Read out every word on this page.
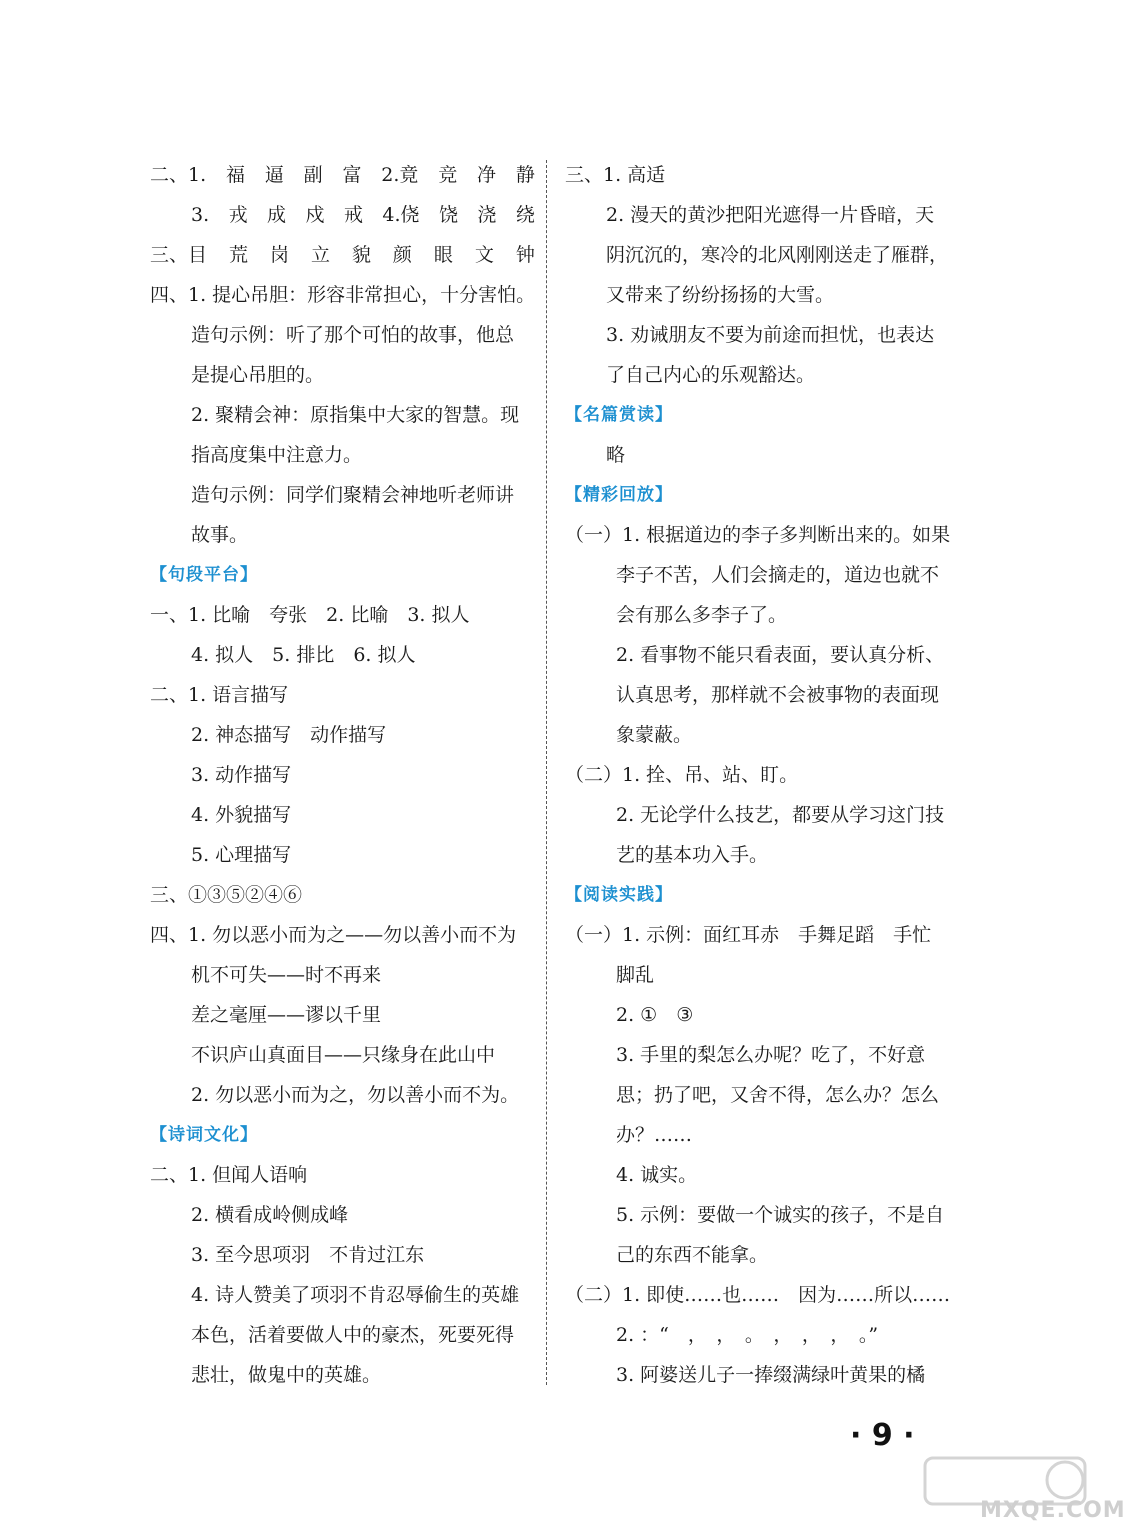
二、1. 福 逼 副 富 2.竟 竞 净 静
3. 戎 成 戍 戒 4.侥 饶 浇 绕
三、目 荒 岗 立 貌 颜 眼 文 钟
四、1. 提心吊胆：形容非常担心，十分害怕。
造句示例：听了那个可怕的故事，他总
是提心吊胆的。
2. 聚精会神：原指集中大家的智慧。现
指高度集中注意力。
造句示例：同学们聚精会神地听老师讲
故事。
【句段平台】
一、1. 比喻　夸张　2. 比喻　3. 拟人
4. 拟人　5. 排比　6. 拟人
二、1. 语言描写
2. 神态描写　动作描写
3. 动作描写
4. 外貌描写
5. 心理描写
三、①③⑤②④⑥
四、1. 勿以恶小而为之——勿以善小而不为
机不可失——时不再来
差之毫厘——谬以千里
不识庐山真面目——只缘身在此山中
2. 勿以恶小而为之，勿以善小而不为。
【诗词文化】
二、1. 但闻人语响
2. 横看成岭侧成峰
3. 至今思项羽　不肯过江东
4. 诗人赞美了项羽不肯忍辱偷生的英雄
本色，活着要做人中的豪杰，死要死得
悲壮，做鬼中的英雄。
三、1. 高适
2. 漫天的黄沙把阳光遮得一片昏暗，天
阴沉沉的，寒冷的北风刚刚送走了雁群，
又带来了纷纷扬扬的大雪。
3. 劝诫朋友不要为前途而担忧，也表达
了自己内心的乐观豁达。
【名篇赏读】
略
【精彩回放】
（一）1. 根据道边的李子多判断出来的。如果
李子不苦，人们会摘走的，道边也就不
会有那么多李子了。
2. 看事物不能只看表面，要认真分析、
认真思考，那样就不会被事物的表面现
象蒙蔽。
（二）1. 拴、吊、站、盯。
2. 无论学什么技艺，都要从学习这门技
艺的基本功入手。
【阅读实践】
（一）1. 示例：面红耳赤　手舞足蹈　手忙
脚乱
2. ①　③
3. 手里的梨怎么办呢？吃了，不好意
思；扔了吧，又舍不得，怎么办？怎么
办？……
4. 诚实。
5. 示例：要做一个诚实的孩子，不是自
己的东西不能拿。
（二）1. 即使……也……　因为……所以……
2. ：“　，　，　。　，　，　，　。”
3. 阿婆送儿子一捧缀满绿叶黄果的橘
· 9 ·
MXQE.COM
